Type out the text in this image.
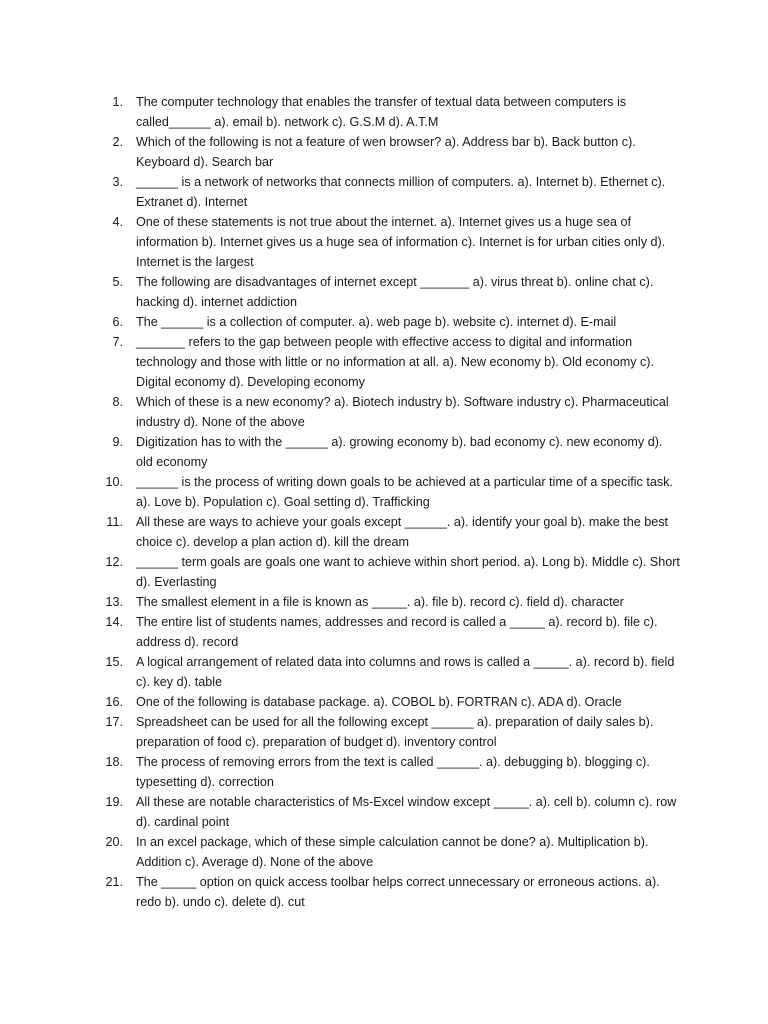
1.	The computer technology that enables the transfer of textual data between computers is called______ a). email b). network c). G.S.M d). A.T.M
2.	Which of the following is not a feature of wen browser? a). Address bar b). Back button c). Keyboard d). Search bar
3.	______ is a network of networks that connects million of computers. a). Internet b). Ethernet c). Extranet d). Internet
4.	One of these statements is not true about the internet. a). Internet gives us a huge sea of information b). Internet gives us a huge sea of information c). Internet is for urban cities only d). Internet is the largest
5.	The following are disadvantages of internet except _______ a). virus threat b). online chat c). hacking d). internet addiction
6.	The ______ is a collection of computer. a). web page b). website c). internet d). E-mail
7.	_______ refers to the gap between people with effective access to digital and information technology and those with little or no information at all. a). New economy b). Old economy c). Digital economy d). Developing economy
8.	Which of these is a new economy? a). Biotech industry b). Software industry c). Pharmaceutical industry d). None of the above
9.	Digitization has to with the ______ a). growing economy b). bad economy c). new economy d). old economy
10.	______ is the process of writing down goals to be achieved at a particular time of a specific task. a). Love b). Population c). Goal setting d). Trafficking
11.	All these are ways to achieve your goals except ______. a). identify your goal b). make the best choice c). develop a plan action d). kill the dream
12.	______ term goals are goals one want to achieve within short period. a). Long b). Middle c). Short d). Everlasting
13.	The smallest element in a file is known as _____. a). file b). record c). field d). character
14.	The entire list of students names, addresses and record is called a _____ a). record b). file c). address d). record
15.	A logical arrangement of related data into columns and rows is called a _____. a). record b). field c). key d). table
16.	One of the following is database package. a). COBOL b). FORTRAN c). ADA d). Oracle
17.	Spreadsheet can be used for all the following except ______ a). preparation of daily sales b). preparation of food c). preparation of budget d). inventory control
18.	The process of removing errors from the text is called ______. a). debugging b). blogging c). typesetting d). correction
19.	All these are notable characteristics of Ms-Excel window except _____. a). cell b). column c). row d). cardinal point
20.	In an excel package, which of these simple calculation cannot be done? a). Multiplication b). Addition c). Average d). None of the above
21.	The _____ option on quick access toolbar helps correct unnecessary or erroneous actions. a). redo b). undo c). delete d). cut
